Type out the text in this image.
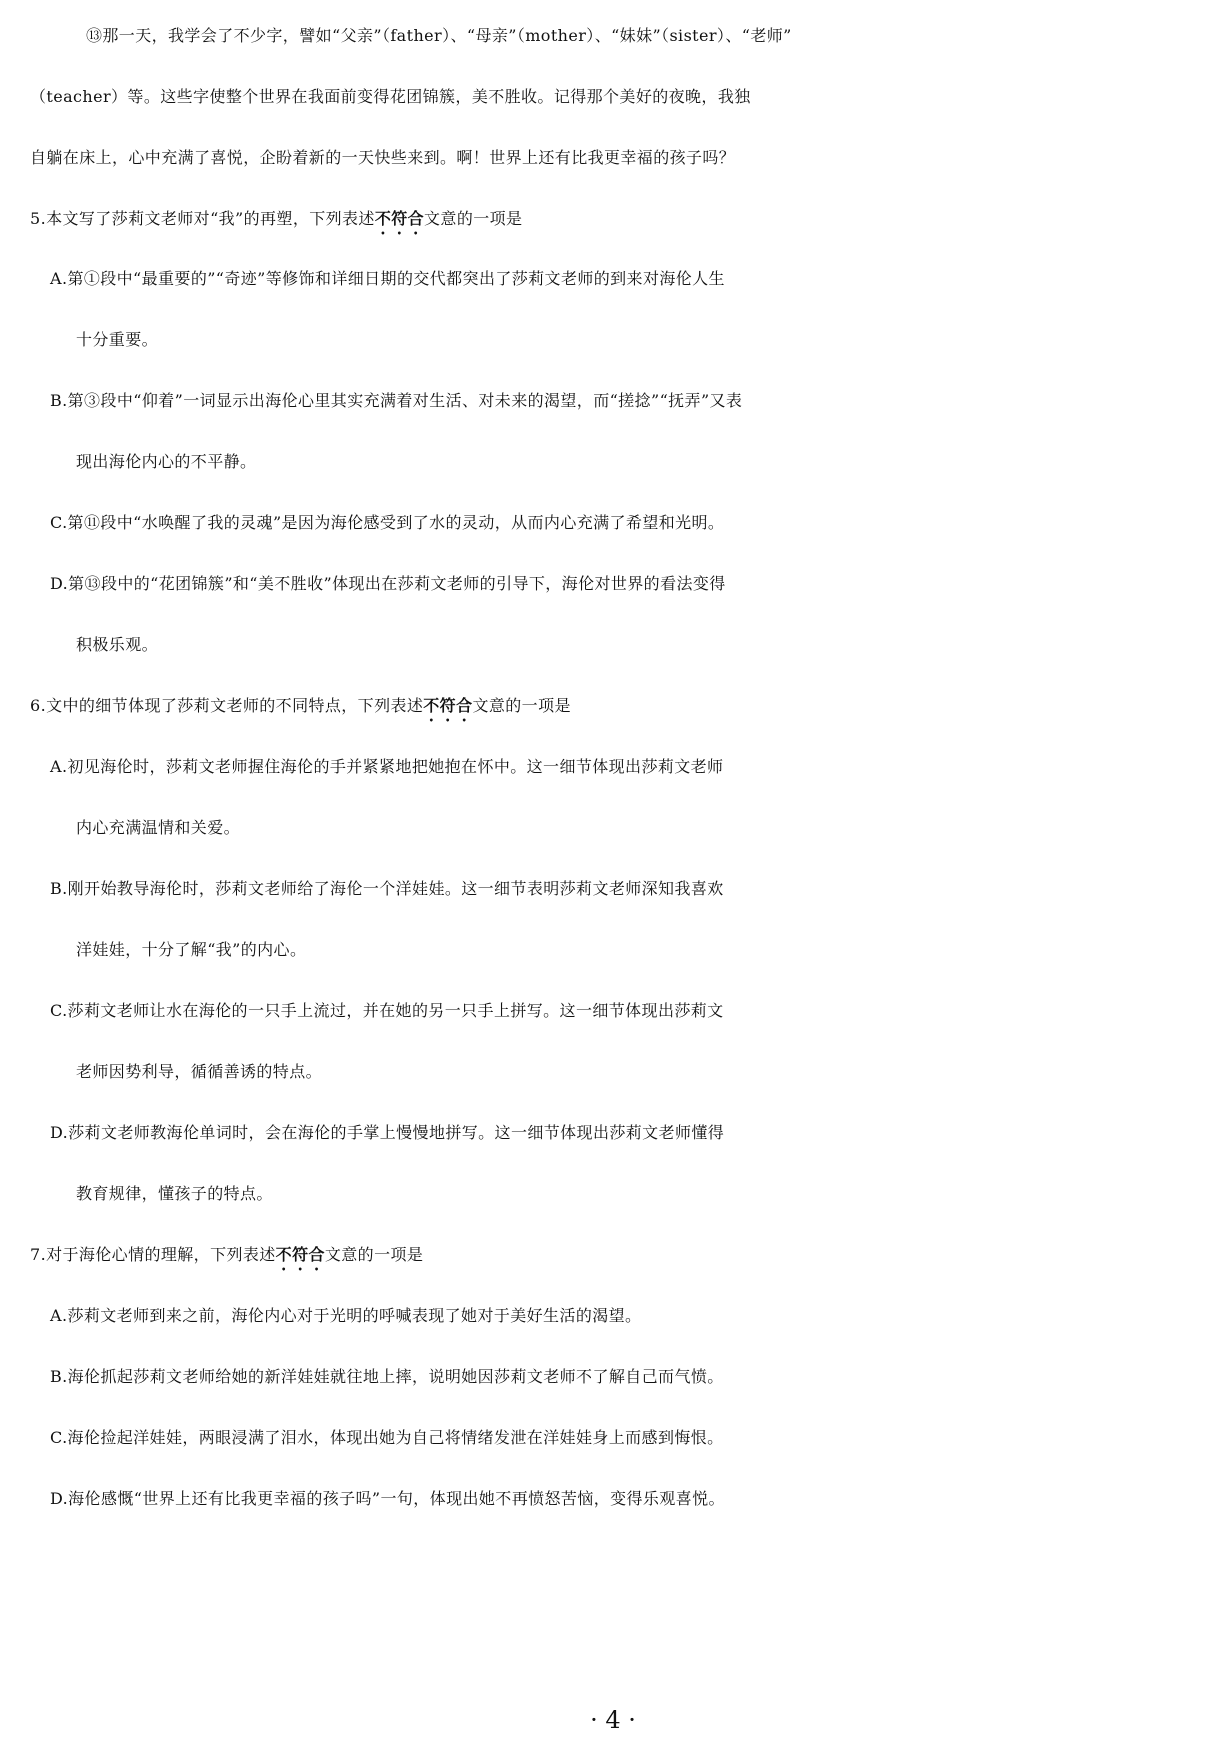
⑬那一天，我学会了不少字，譬如“父亲”（father）、“母亲”（mother）、“妹妹”（sister）、“老师”
（teacher）等。这些字使整个世界在我面前变得花团锦簇，美不胜收。记得那个美好的夜晚，我独
自躺在床上，心中充满了喜悦，企盼着新的一天快些来到。啊！世界上还有比我更幸福的孩子吗？
5.本文写了莎莉文老师对“我”的再塑，下列表述不符合文意的一项是
A.第①段中“最重要的”“奇迹”等修饰和详细日期的交代都突出了莎莉文老师的到来对海伦人生
十分重要。
B.第③段中“仰着”一词显示出海伦心里其实充满着对生活、对未来的渴望，而“搓捻”“抚弄”又表
现出海伦内心的不平静。
C.第⑪段中“水唤醒了我的灵魂”是因为海伦感受到了水的灵动，从而内心充满了希望和光明。
D.第⑬段中的“花团锦簇”和“美不胜收”体现出在莎莉文老师的引导下，海伦对世界的看法变得
积极乐观。
6.文中的细节体现了莎莉文老师的不同特点，下列表述不符合文意的一项是
A.初见海伦时，莎莉文老师握住海伦的手并紧紧地把她抱在怀中。这一细节体现出莎莉文老师
内心充满温情和关爱。
B.刚开始教导海伦时，莎莉文老师给了海伦一个洋娃娃。这一细节表明莎莉文老师深知我喜欢
洋娃娃，十分了解“我”的内心。
C.莎莉文老师让水在海伦的一只手上流过，并在她的另一只手上拼写。这一细节体现出莎莉文
老师因势利导，循循善诱的特点。
D.莎莉文老师教海伦单词时，会在海伦的手掌上慢慢地拼写。这一细节体现出莎莉文老师懂得
教育规律，懂孩子的特点。
7.对于海伦心情的理解，下列表述不符合文意的一项是
A.莎莉文老师到来之前，海伦内心对于光明的呼喊表现了她对于美好生活的渴望。
B.海伦抓起莎莉文老师给她的新洋娃娃就往地上摔，说明她因莎莉文老师不了解自己而气愤。
C.海伦捡起洋娃娃，两眼浸满了泪水，体现出她为自己将情绪发泄在洋娃娃身上而感到悔恨。
D.海伦感慨“世界上还有比我更幸福的孩子吗”一句，体现出她不再愤怒苦恼，变得乐观喜悦。
· 4 ·
